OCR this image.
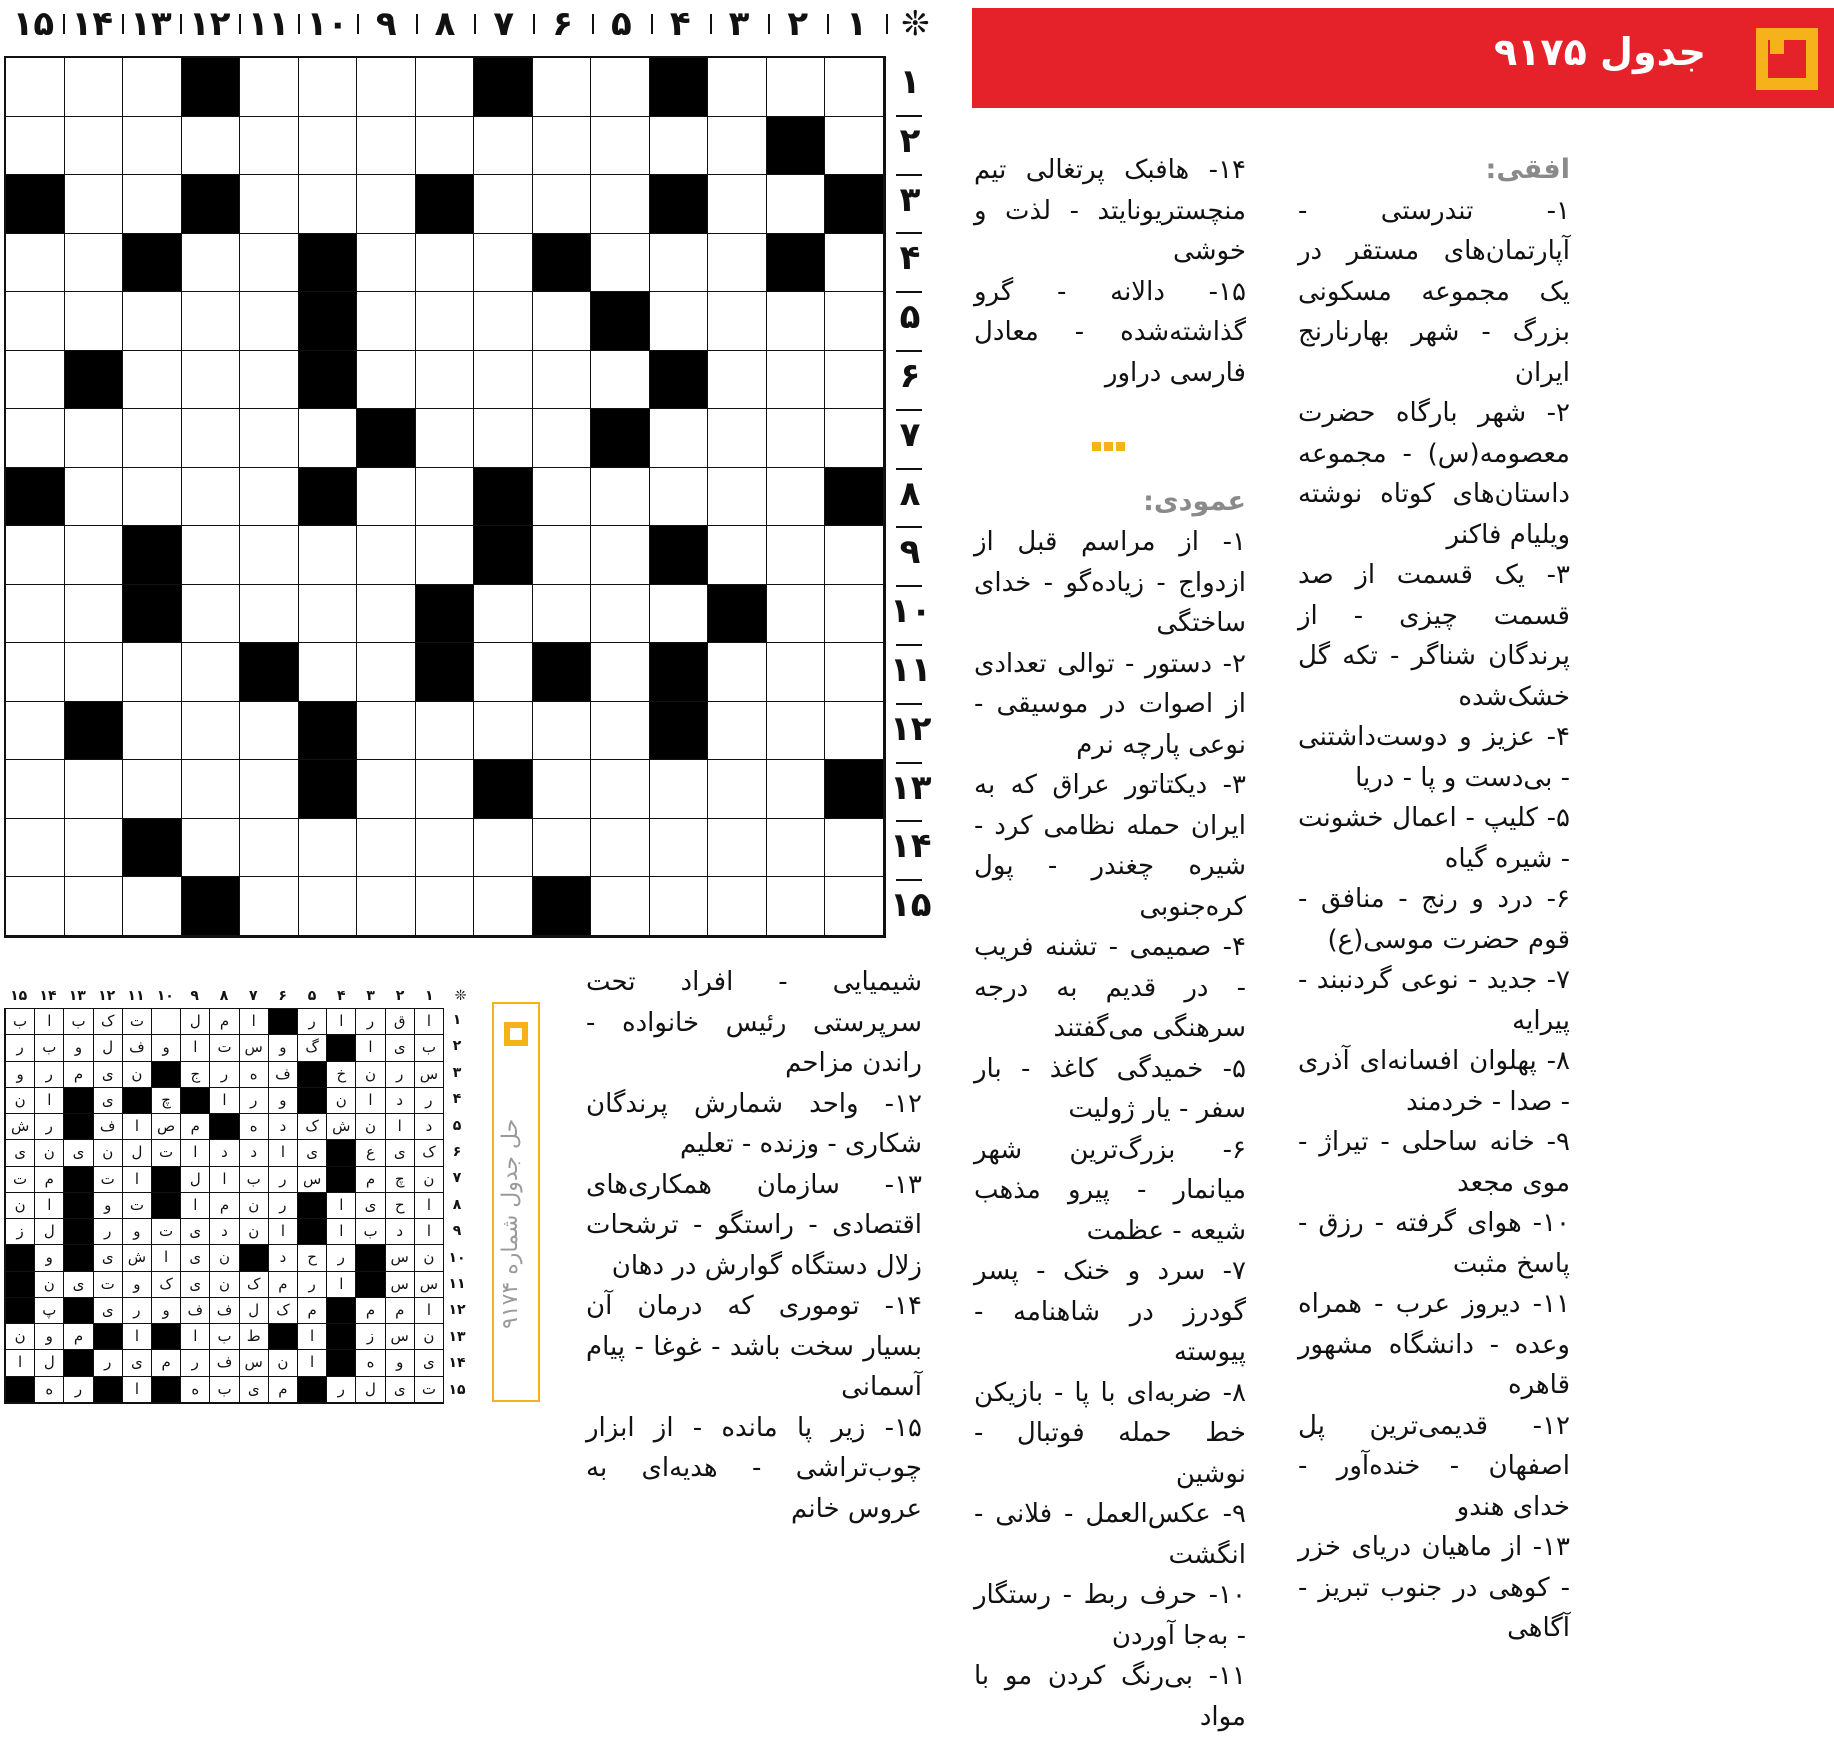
❊
۱
۲
۳
۴
۵
۶
۷
۸
۹
۱۰
۱۱
۱۲
۱۳
۱۴
۱۵
۱
۲
۳
۴
۵
۶
۷
۸
۹
۱۰
۱۱
۱۲
۱۳
۱۴
۱۵
جدول ۹۱۷۵
افقی:

۱- تندرستی - آپارتمان‌های مستقر در یک مجموعه مسکونی بزرگ - شهر بهارنارنج ایران

۲- شهر بارگاه حضرت معصومه(س) - مجموعه داستان‌های کوتاه نوشته ویلیام فاکنر

۳- یک قسمت از صد قسمت چیزی - از پرندگان شناگر - تکه گل خشک‌شده

۴- عزیز و دوست‌داشتنی - بی‌دست و پا - دریا

۵- کلیپ - اعمال خشونت - شیره گیاه

۶- درد و رنج - منافق - قوم حضرت موسی(ع)

۷- جدید - نوعی گردنبند - پیرایه

۸- پهلوان افسانه‌ای آذری - صدا - خردمند

۹- خانه ساحلی - تیراژ - موی مجعد

۱۰- هوای گرفته - رزق - پاسخ مثبت

۱۱- دیروز عرب - همراه وعده - دانشگاه مشهور قاهره

۱۲- قدیمی‌ترین پل اصفهان - خنده‌آور - خدای هندو

۱۳- از ماهیان دریای خزر - کوهی در جنوب تبریز - آگاهی

۱۴- هافبک پرتغالی تیم منچستریونایتد - لذت و خوشی

۱۵- دالانه - گرو گذاشته‌شده - معادل فارسی دراور

عمودی:

۱- از مراسم قبل از ازدواج - زیاده‌گو - خدای ساختگی

۲- دستور - توالی تعدادی از اصوات در موسیقی - نوعی پارچه نرم

۳- دیکتاتور عراق که به ایران حمله نظامی کرد - شیره چغندر - پول کره‌جنوبی

۴- صمیمی - تشنه فریب - در قدیم به درجه سرهنگی می‌گفتند

۵- خمیدگی کاغذ - بار سفر - یار ژولیت

۶- بزرگ‌ترین شهر میانمار - پیرو مذهب شیعه - عظمت

۷- سرد و خنک - پسر گودرز در شاهنامه - پیوسته

۸- ضربه‌ای با پا - بازیکن خط حمله فوتبال - نوشین

۹- عکس‌العمل - فلانی - انگشت

۱۰- حرف ربط - رستگار - به‌جا آوردن

۱۱- بی‌رنگ کردن مو با مواد

شیمیایی - افراد تحت سرپرستی رئیس خانواده - راندن مزاحم

۱۲- واحد شمارش پرندگان شکاری - وزنده - تعلیم

۱۳- سازمان همکاری‌های اقتصادی - راستگو - ترشحات زلال دستگاه گوارش در دهان

۱۴- توموری که درمان آن بسیار سخت باشد - غوغا - پیام آسمانی

۱۵- زیر پا مانده - از ابزار چوب‌تراشی - هدیه‌ای به عروس خانم

حل جدول شماره ۹۱۷۴
❊
۱
۲
۳
۴
۵
۶
۷
۸
۹
۱۰
۱۱
۱۲
۱۳
۱۴
۱۵
۱
۲
۳
۴
۵
۶
۷
۸
۹
۱۰
۱۱
۱۲
۱۳
۱۴
۱۵
ا
ق
ر
ا
ر
ا
م
ل
ت
ک
ب
ا
ب
ب
ی
ا
گ
و
س
ت
ا
و
ف
ل
و
ب
ر
س
ر
ن
خ
ف
ه
ر
ج
ن
ی
م
ر
و
ر
د
ا
ن
و
ر
ا
چ
ی
ا
ن
د
ا
ن
ش
ک
د
ه
م
ص
ا
ف
ر
ش
ک
ی
ع
ی
ا
د
د
ا
ت
ل
ن
ی
ن
ی
ن
چ
م
س
ر
ب
ا
ل
ا
ت
م
ت
ا
ح
ی
ا
ر
ن
م
ا
ت
و
ا
ن
ا
د
ب
ا
ا
ن
د
ی
ت
و
ر
ل
ز
ن
س
ر
ح
د
ن
ی
ا
ش
ی
و
س
س
ا
ر
م
ک
ن
ی
ک
و
ت
ی
ن
ا
م
م
م
ک
ل
ف
ف
و
ر
ی
پ
ن
س
ز
ا
ط
ب
ا
ا
م
و
ن
ی
و
ه
ا
ن
س
ف
ر
م
ی
ر
ل
ا
ت
ی
ل
ر
م
ی
ب
ه
ا
ر
ه
